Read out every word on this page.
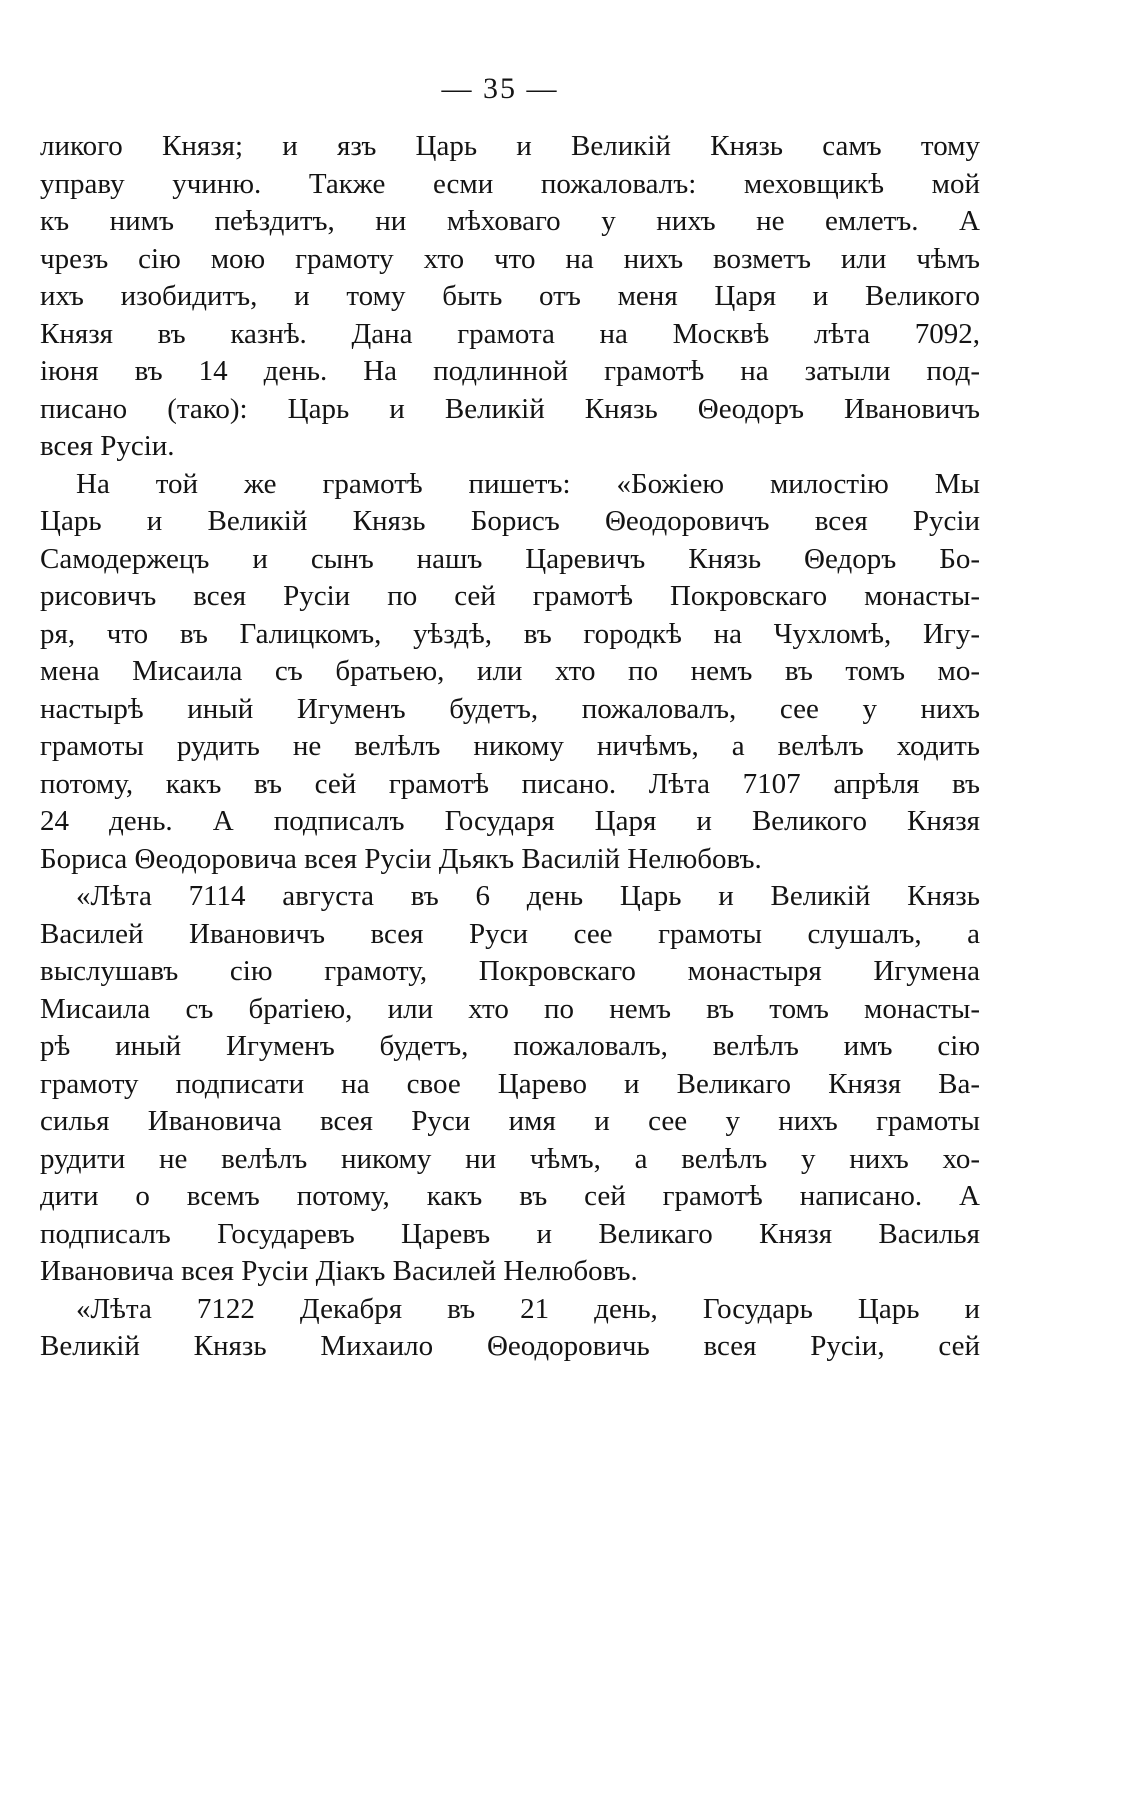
— 35 —
ликого Князя; и язъ Царь и Великій Князь самъ тому
управу учиню. Также есми пожаловалъ: меховщикѣ мой
къ нимъ пеѣздитъ, ни мѣховаго у нихъ не емлетъ. А
чрезъ сію мою грамоту хто что на нихъ возметъ или чѣмъ
ихъ изобидитъ, и тому быть отъ меня Царя и Великого
Князя въ казнѣ. Дана грамота на Москвѣ лѣта 7092,
іюня въ 14 день. На подлинной грамотѣ на затыли под-
писано (тако): Царь и Великій Князь Θеодоръ Ивановичъ
всея Русіи.
На той же грамотѣ пишетъ: «Божіею милостію Мы
Царь и Великій Князь Борисъ Θеодоровичъ всея Русіи
Самодержецъ и сынъ нашъ Царевичъ Князь Θедоръ Бо-
рисовичъ всея Русіи по сей грамотѣ Покровскаго монасты-
ря, что въ Галицкомъ, уѣздѣ, въ городкѣ на Чухломѣ, Игу-
мена Мисаила съ братьею, или хто по немъ въ томъ мо-
настырѣ иный Игуменъ будетъ, пожаловалъ, сее у нихъ
грамоты рудить не велѣлъ никому ничѣмъ, а велѣлъ ходить
потому, какъ въ сей грамотѣ писано. Лѣта 7107 апрѣля въ
24 день. А подписалъ Государя Царя и Великого Князя
Бориса Θеодоровича всея Русіи Дьякъ Василій Нелюбовъ.
«Лѣта 7114 августа въ 6 день Царь и Великій Князь
Василей Ивановичъ всея Руси сее грамоты слушалъ, а
выслушавъ сію грамоту, Покровскаго монастыря Игумена
Мисаила съ братіею, или хто по немъ въ томъ монасты-
рѣ иный Игуменъ будетъ, пожаловалъ, велѣлъ имъ сію
грамоту подписати на свое Царево и Великаго Князя Ва-
силья Ивановича всея Руси имя и сее у нихъ грамоты
рудити не велѣлъ никому ни чѣмъ, а велѣлъ у нихъ хо-
дити о всемъ потому, какъ въ сей грамотѣ написано. А
подписалъ Государевъ Царевъ и Великаго Князя Василья
Ивановича всея Русіи Діакъ Василей Нелюбовъ.
«Лѣта 7122 Декабря въ 21 день, Государь Царь и
Великій Князь Михаило Θеодоровичь всея Русіи, сей
